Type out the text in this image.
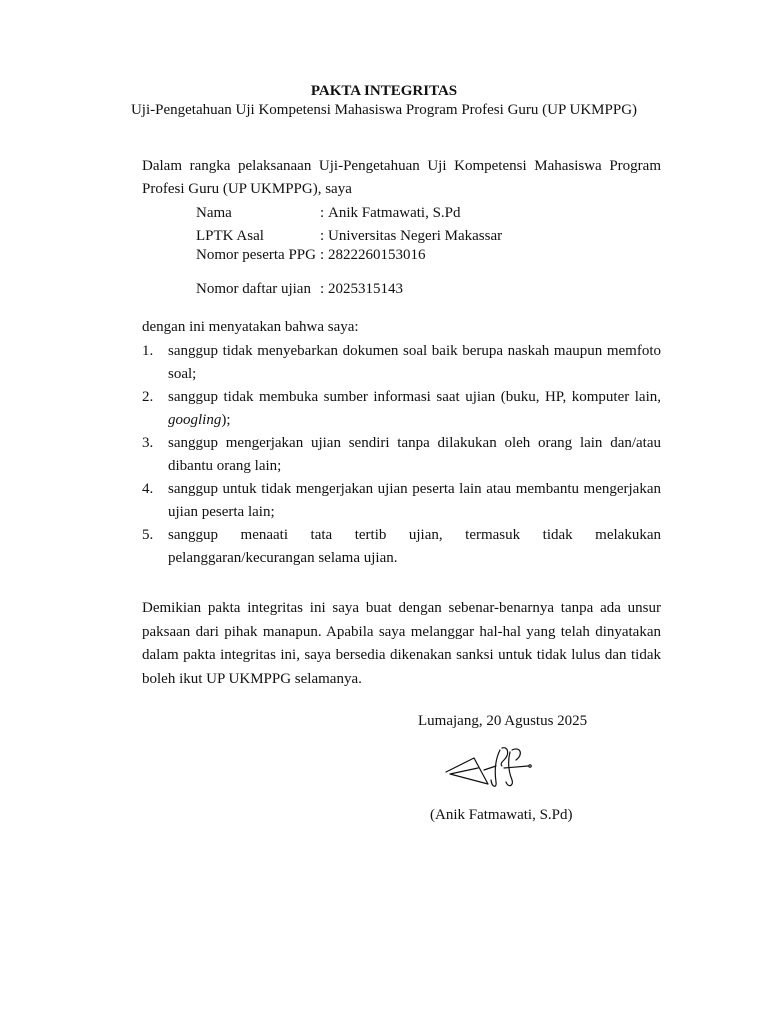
PAKTA INTEGRITAS
Uji-Pengetahuan Uji Kompetensi Mahasiswa Program Profesi Guru (UP UKMPPG)
Dalam rangka pelaksanaan Uji-Pengetahuan Uji Kompetensi Mahasiswa Program
Profesi Guru (UP UKMPPG), saya
Nama	: Anik Fatmawati, S.Pd
LPTK Asal	: Universitas Negeri Makassar
Nomor peserta PPG : 2822260153016
Nomor daftar ujian : 2025315143
dengan ini menyatakan bahwa saya:
1. sanggup tidak menyebarkan dokumen soal baik berupa naskah maupun memfoto soal;
2. sanggup tidak membuka sumber informasi saat ujian (buku, HP, komputer lain, googling);
3. sanggup mengerjakan ujian sendiri tanpa dilakukan oleh orang lain dan/atau dibantu orang lain;
4. sanggup untuk tidak mengerjakan ujian peserta lain atau membantu mengerjakan ujian peserta lain;
5. sanggup menaati tata tertib ujian, termasuk tidak melakukan pelanggaran/kecurangan selama ujian.
Demikian pakta integritas ini saya buat dengan sebenar-benarnya tanpa ada unsur paksaan dari pihak manapun. Apabila saya melanggar hal-hal yang telah dinyatakan dalam pakta integritas ini, saya bersedia dikenakan sanksi untuk tidak lulus dan tidak boleh ikut UP UKMPPG selamanya.
Lumajang, 20 Agustus 2025
(Anik Fatmawati, S.Pd)
